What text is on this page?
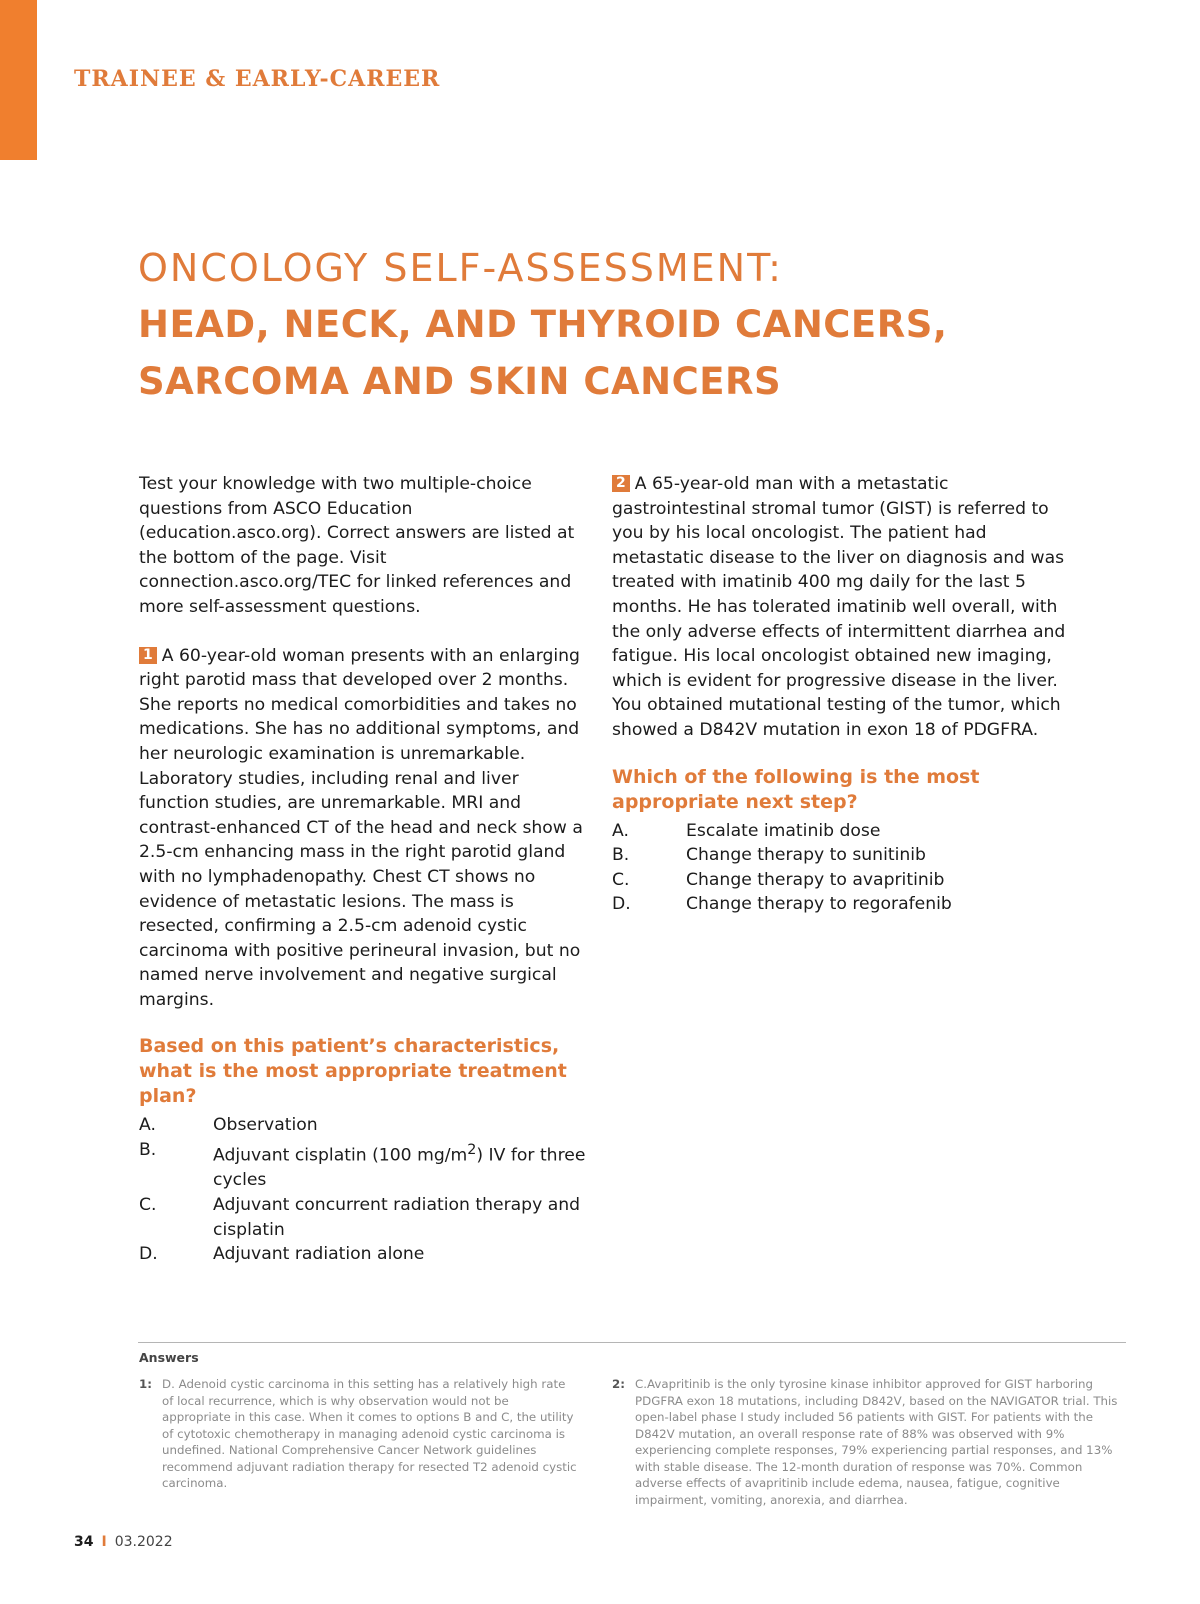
TRAINEE & EARLY-CAREER

ONCOLOGY SELF-ASSESSMENT:

HEAD, NECK, AND THYROID CANCERS,

SARCOMA AND SKIN CANCERS

Test your knowledge with two multiple-choice questions from ASCO Education (education.asco.org). Correct answers are listed at the bottom of the page. Visit connection.asco.org/TEC for linked references and more self-assessment questions.

1 A 60-year-old woman presents with an enlarging right parotid mass that developed over 2 months. She reports no medical comorbidities and takes no medications. She has no additional symptoms, and her neurologic examination is unremarkable. Laboratory studies, including renal and liver function studies, are unremarkable. MRI and contrast-enhanced CT of the head and neck show a 2.5-cm enhancing mass in the right parotid gland with no lymphadenopathy. Chest CT shows no evidence of metastatic lesions. The mass is resected, confirming a 2.5-cm adenoid cystic carcinoma with positive perineural invasion, but no named nerve involvement and negative surgical margins.

Based on this patient’s characteristics, what is the most appropriate treatment plan?

A.	Observation
B.	Adjuvant cisplatin (100 $mg/m^2$) IV for three cycles
C.	Adjuvant concurrent radiation therapy and cisplatin
D.	Adjuvant radiation alone

2 A 65-year-old man with a metastatic gastrointestinal stromal tumor (GIST) is referred to you by his local oncologist. The patient had metastatic disease to the liver on diagnosis and was treated with imatinib 400 mg daily for the last 5 months. He has tolerated imatinib well overall, with the only adverse effects of intermittent diarrhea and fatigue. His local oncologist obtained new imaging, which is evident for progressive disease in the liver. You obtained mutational testing of the tumor, which showed a D842V mutation in exon 18 of PDGFRA.

Which of the following is the most appropriate next step?

A.	Escalate imatinib dose
B.	Change therapy to sunitinib
C.	Change therapy to avapritinib
D.	Change therapy to regorafenib
Answers
1: D. Adenoid cystic carcinoma in this setting has a relatively high rate of local recurrence, which is why observation would not be appropriate in this case. When it comes to options B and C, the utility of cytotoxic chemotherapy in managing adenoid cystic carcinoma is undefined. National Comprehensive Cancer Network guidelines recommend adjuvant radiation therapy for resected T2 adenoid cystic carcinoma.
2: C.Avapritinib is the only tyrosine kinase inhibitor approved for GIST harboring PDGFRA exon 18 mutations, including D842V, based on the NAVIGATOR trial. This open-label phase I study included 56 patients with GIST. For patients with the D842V mutation, an overall response rate of 88% was observed with 9% experiencing complete responses, 79% experiencing partial responses, and 13% with stable disease. The 12-month duration of response was 70%. Common adverse effects of avapritinib include edema, nausea, fatigue, cognitive impairment, vomiting, anorexia, and diarrhea.
34 I 03.2022
